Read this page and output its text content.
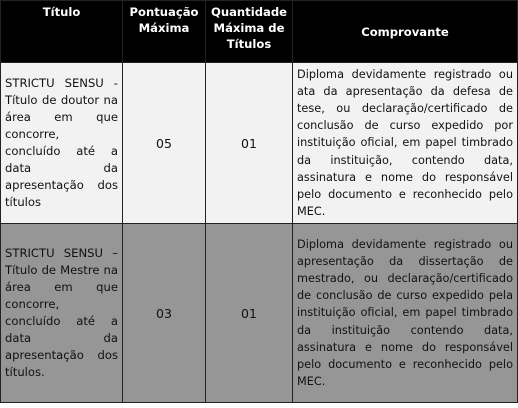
Título	Pontuação Máxima	Quantidade Máxima de Títulos	Comprovante
STRICTU SENSU - Título de doutor na área em que concorre, concluído até a data da apresentação dos títulos	05	01	Diploma devidamente registrado ou ata da apresentação da defesa de tese, ou declaração/certificado de conclusão de curso expedido por instituição oficial, em papel timbrado da instituição, contendo data, assinatura e nome do responsável pelo documento e reconhecido pelo MEC.
STRICTU SENSU – Título de Mestre na área em que concorre, concluído até a data da apresentação dos títulos.	03	01	Diploma devidamente registrado ou apresentação da dissertação de mestrado, ou declaração/certificado de conclusão de curso expedido pela instituição oficial, em papel timbrado da instituição contendo data, assinatura e nome do responsável pelo documento e reconhecido pelo MEC.
